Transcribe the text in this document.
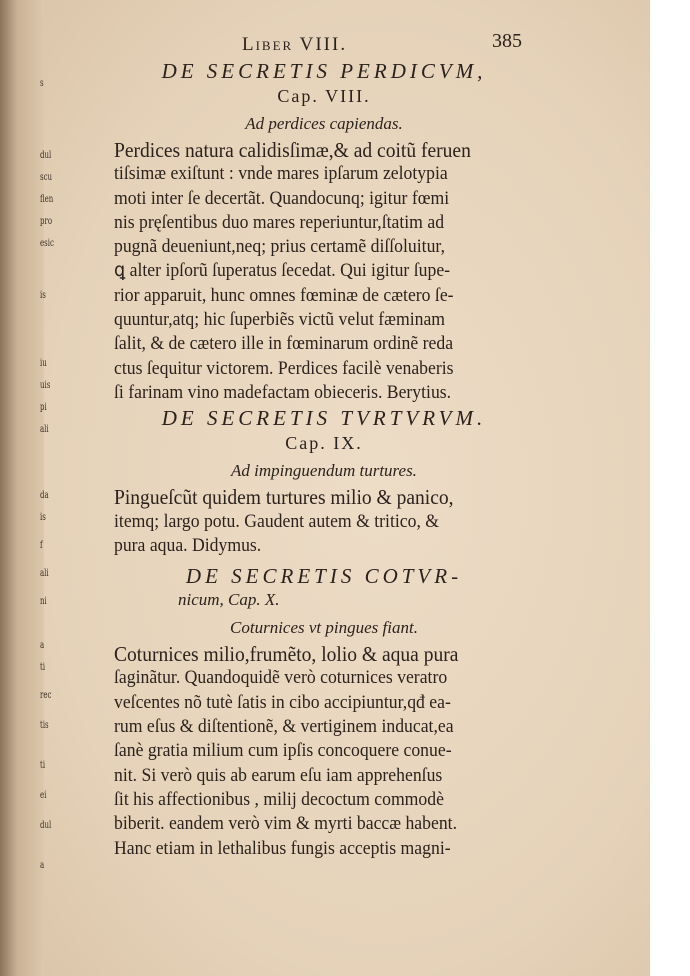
s
dul
scu
flen
pro
esic
is
iu
uis
pi
ali
da
is
f
ali
ni
a
ti
rec
tis
ti
ei
dul
a
Liber VIII.	385
DE SECRETIS PERDICVM,
Cap. VIII.
Ad perdices capiendas.
Perdices natura calidisſimæ,& ad coitũ feruen
tiſsimæ exiſtunt : vnde mares ipſarum zelotypia
moti inter ſe decertãt. Quandocunq; igitur fœmi
nis pręſentibus duo mares reperiuntur,ſtatim ad
pugnã deueniunt,neq; prius certamẽ diſſoluitur,
ꝗ alter ipſorũ ſuperatus ſecedat. Qui igitur ſupe-
rior apparuit, hunc omnes fœminæ de cætero ſe-
quuntur,atq; hic ſuperbiẽs victũ velut fæminam
ſalit, & de cætero ille in fœminarum ordinẽ reda
ctus ſequitur victorem. Perdices facilè venaberis
ſi farinam vino madefactam obieceris. Berytius.
DE SECRETIS TVRTVRVM.
Cap. IX.
Ad impinguendum turtures.
Pingueſcũt quidem turtures milio & panico,
itemq; largo potu. Gaudent autem & tritico, &
pura aqua. Didymus.
DE SECRETIS COTVR-
nicum, Cap. X.
Coturnices vt pingues fiant.
Coturnices milio,frumẽto, lolio & aqua pura
ſaginãtur. Quandoquidẽ verò coturnices veratro
veſcentes nõ tutè ſatis in cibo accipiuntur,qđ ea-
rum eſus & diſtentionẽ, & vertiginem inducat,ea
ſanè gratia milium cum ipſis concoquere conue-
nit. Si verò quis ab earum eſu iam apprehenſus
ſit his affectionibus , milij decoctum commodè
biberit. eandem verò vim & myrti baccæ habent.
Hanc etiam in lethalibus fungis acceptis magni-
